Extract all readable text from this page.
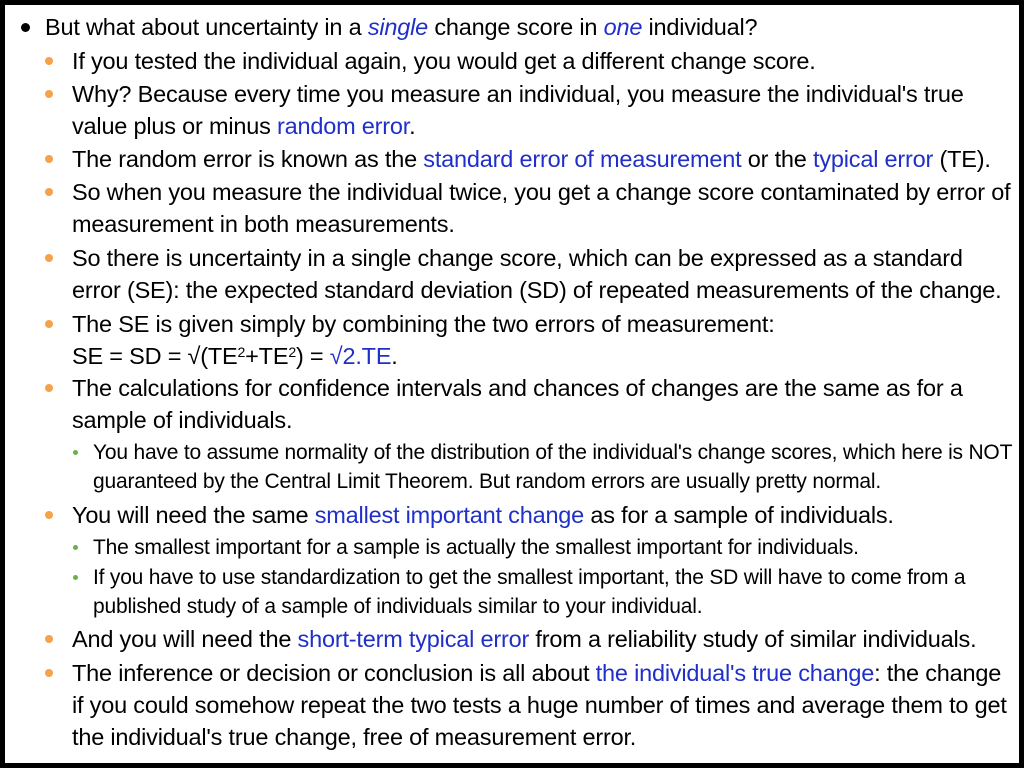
But what about uncertainty in a single change score in one individual?
If you tested the individual again, you would get a different change score.
Why? Because every time you measure an individual, you measure the individual's true value plus or minus random error.
The random error is known as the standard error of measurement or the typical error (TE).
So when you measure the individual twice, you get a change score contaminated by error of measurement in both measurements.
So there is uncertainty in a single change score, which can be expressed as a standard error (SE): the expected standard deviation (SD) of repeated measurements of the change.
The SE is given simply by combining the two errors of measurement:
SE = SD = $√(TE^2+TE^2) = √2.TE$.
The calculations for confidence intervals and chances of changes are the same as for a sample of individuals.
You have to assume normality of the distribution of the individual's change scores, which here is NOT guaranteed by the Central Limit Theorem. But random errors are usually pretty normal.
You will need the same smallest important change as for a sample of individuals.
The smallest important for a sample is actually the smallest important for individuals.
If you have to use standardization to get the smallest important, the SD will have to come from a published study of a sample of individuals similar to your individual.
And you will need the short-term typical error from a reliability study of similar individuals.
The inference or decision or conclusion is all about the individual's true change: the change if you could somehow repeat the two tests a huge number of times and average them to get the individual's true change, free of measurement error.
